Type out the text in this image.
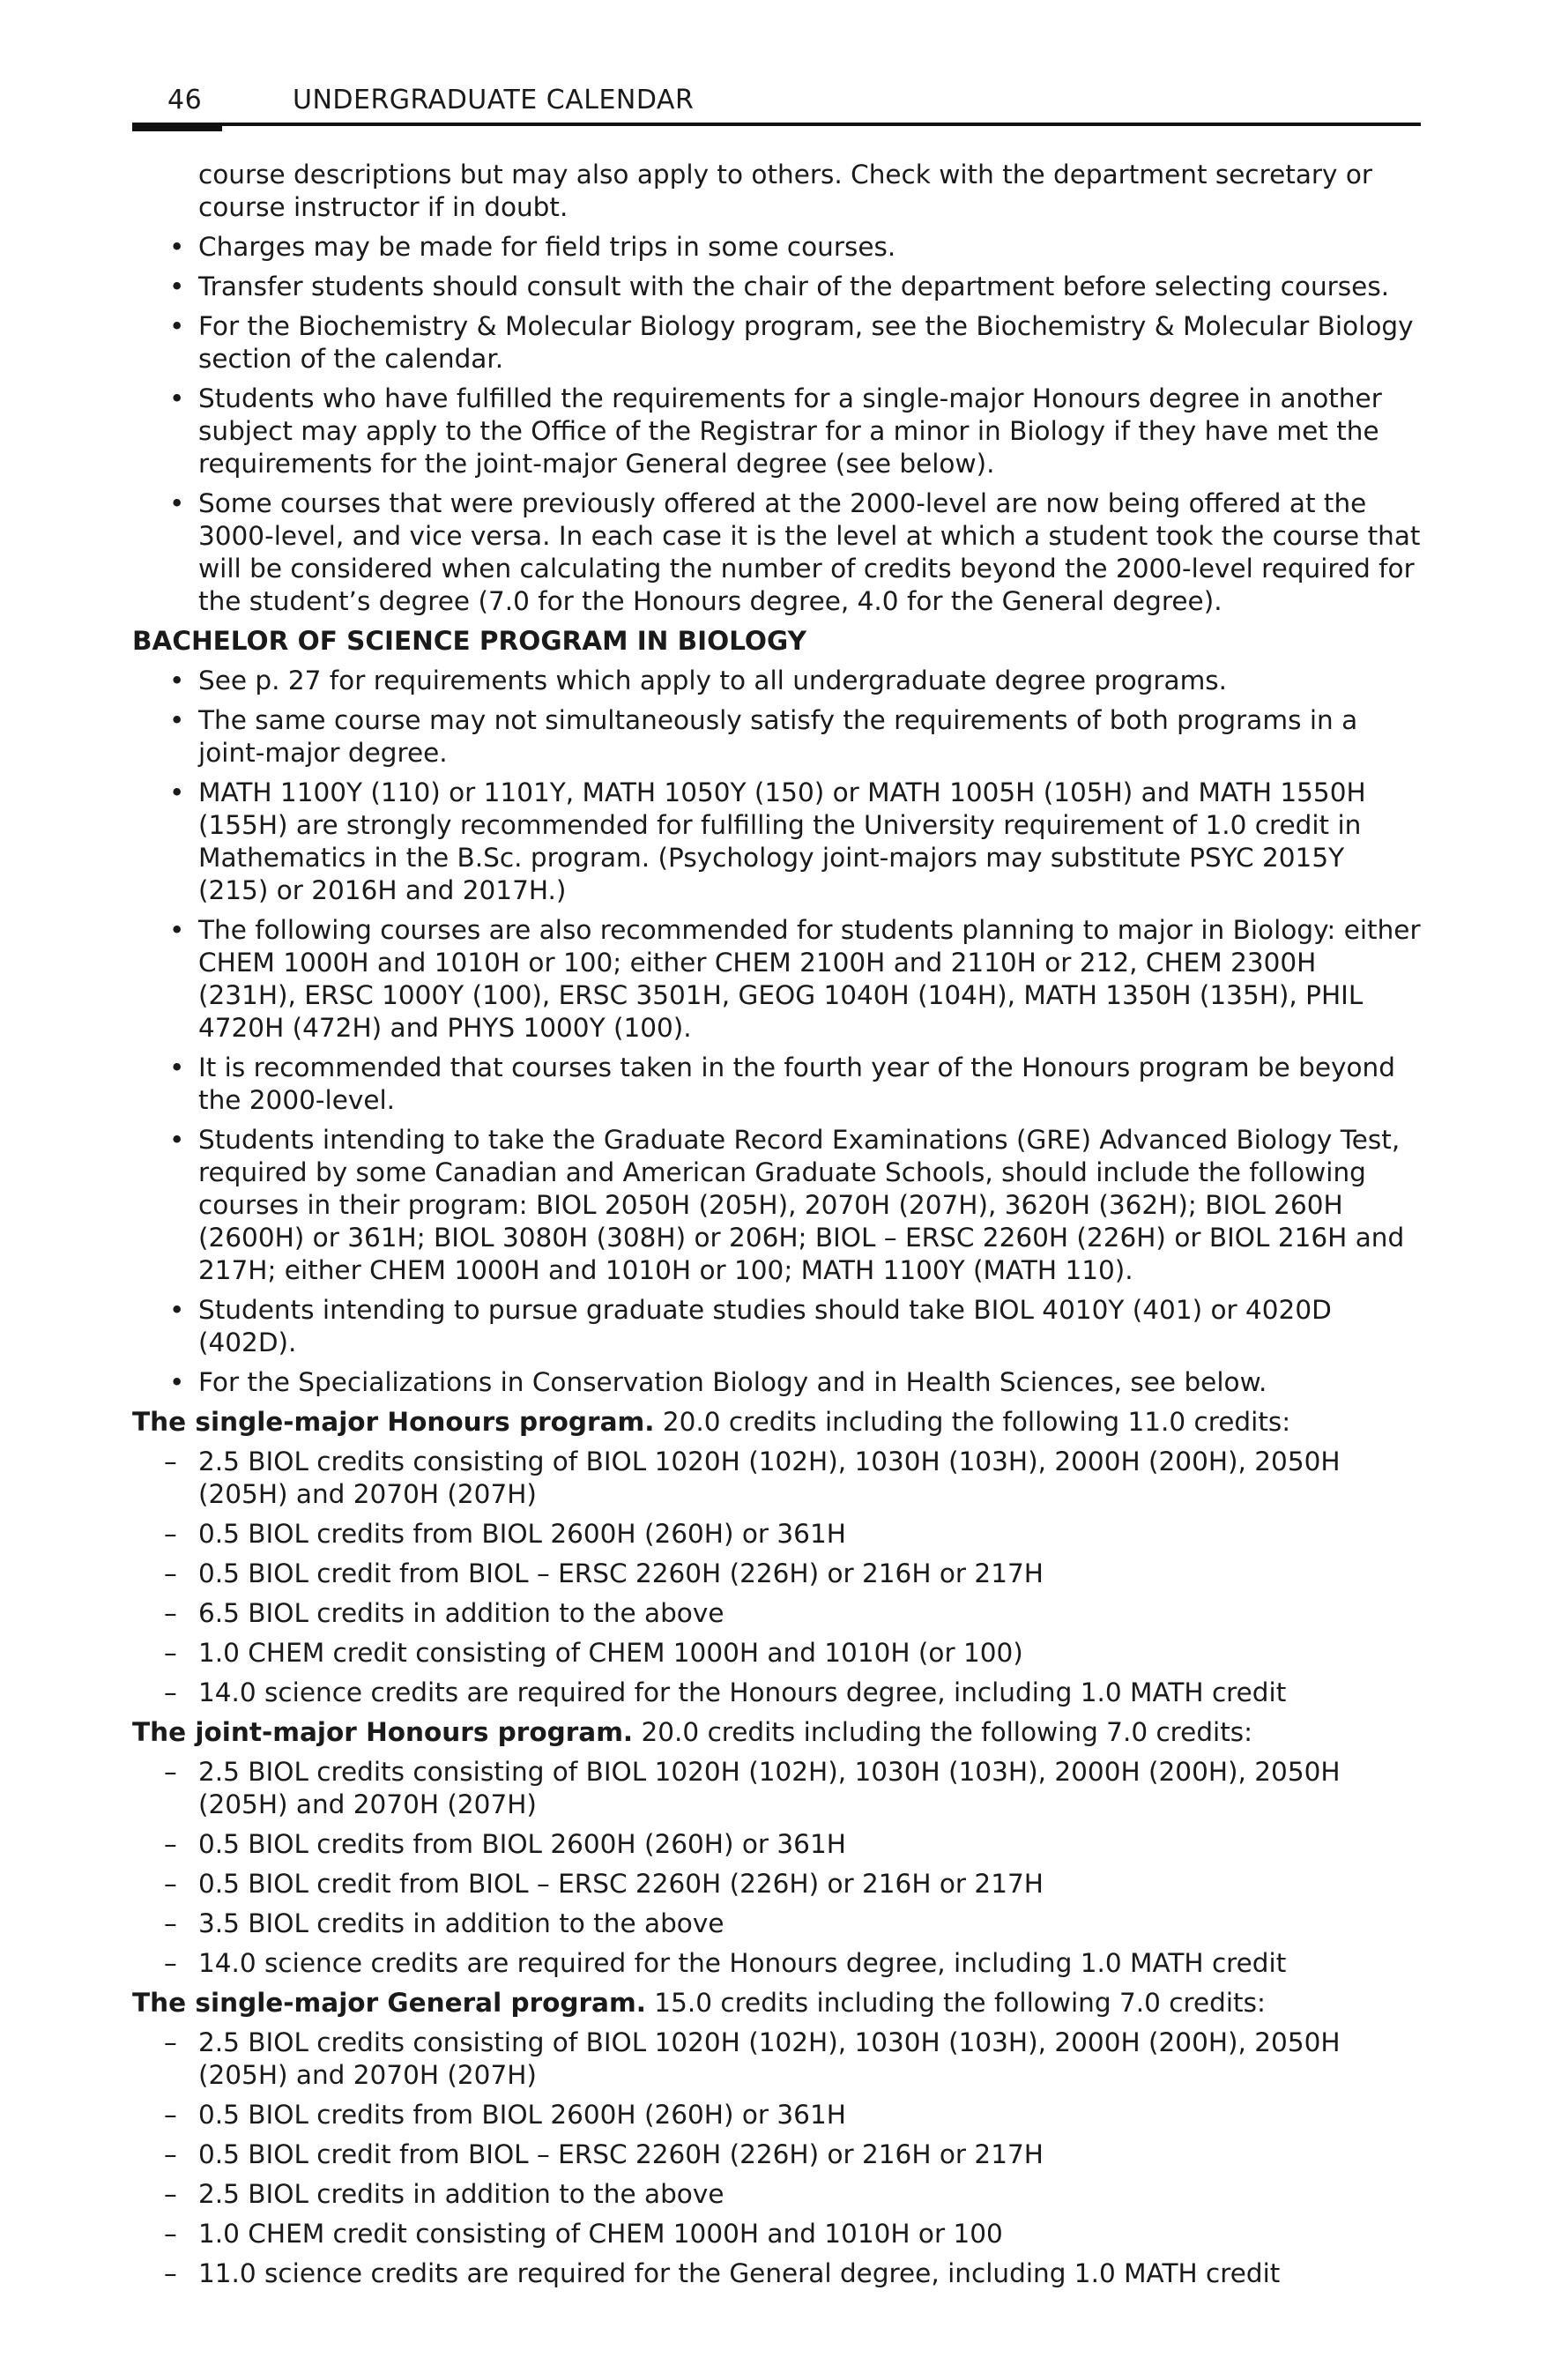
46	UNDERGRADUATE CALENDAR

course descriptions but may also apply to others. Check with the department secretary or course instructor if in doubt.

• Charges may be made for field trips in some courses.
• Transfer students should consult with the chair of the department before selecting courses.
• For the Biochemistry & Molecular Biology program, see the Biochemistry & Molecular Biology section of the calendar.
• Students who have fulfilled the requirements for a single-major Honours degree in another subject may apply to the Office of the Registrar for a minor in Biology if they have met the requirements for the joint-major General degree (see below).
• Some courses that were previously offered at the 2000-level are now being offered at the 3000-level, and vice versa. In each case it is the level at which a student took the course that will be considered when calculating the number of credits beyond the 2000-level required for the student’s degree (7.0 for the Honours degree, 4.0 for the General degree).
BACHELOR OF SCIENCE PROGRAM IN BIOLOGY
• See p. 27 for requirements which apply to all undergraduate degree programs.
• The same course may not simultaneously satisfy the requirements of both programs in a joint-major degree.
• MATH 1100Y (110) or 1101Y, MATH 1050Y (150) or MATH 1005H (105H) and MATH 1550H (155H) are strongly recommended for fulfilling the University requirement of 1.0 credit in Mathematics in the B.Sc. program. (Psychology joint-majors may substitute PSYC 2015Y (215) or 2016H and 2017H.)
• The following courses are also recommended for students planning to major in Biology: either CHEM 1000H and 1010H or 100; either CHEM 2100H and 2110H or 212, CHEM 2300H (231H), ERSC 1000Y (100), ERSC 3501H, GEOG 1040H (104H), MATH 1350H (135H), PHIL 4720H (472H) and PHYS 1000Y (100).
• It is recommended that courses taken in the fourth year of the Honours program be beyond the 2000-level.
• Students intending to take the Graduate Record Examinations (GRE) Advanced Biology Test, required by some Canadian and American Graduate Schools, should include the following courses in their program: BIOL 2050H (205H), 2070H (207H), 3620H (362H); BIOL 260H (2600H) or 361H; BIOL 3080H (308H) or 206H; BIOL – ERSC 2260H (226H) or BIOL 216H and 217H; either CHEM 1000H and 1010H or 100; MATH 1100Y (MATH 110).
• Students intending to pursue graduate studies should take BIOL 4010Y (401) or 4020D (402D).
• For the Specializations in Conservation Biology and in Health Sciences, see below.
The single-major Honours program. 20.0 credits including the following 11.0 credits:
– 2.5 BIOL credits consisting of BIOL 1020H (102H), 1030H (103H), 2000H (200H), 2050H (205H) and 2070H (207H)
– 0.5 BIOL credits from BIOL 2600H (260H) or 361H
– 0.5 BIOL credit from BIOL – ERSC 2260H (226H) or 216H or 217H
– 6.5 BIOL credits in addition to the above
– 1.0 CHEM credit consisting of CHEM 1000H and 1010H (or 100)
– 14.0 science credits are required for the Honours degree, including 1.0 MATH credit
The joint-major Honours program. 20.0 credits including the following 7.0 credits:
– 2.5 BIOL credits consisting of BIOL 1020H (102H), 1030H (103H), 2000H (200H), 2050H (205H) and 2070H (207H)
– 0.5 BIOL credits from BIOL 2600H (260H) or 361H
– 0.5 BIOL credit from BIOL – ERSC 2260H (226H) or 216H or 217H
– 3.5 BIOL credits in addition to the above
– 14.0 science credits are required for the Honours degree, including 1.0 MATH credit
The single-major General program. 15.0 credits including the following 7.0 credits:
– 2.5 BIOL credits consisting of BIOL 1020H (102H), 1030H (103H), 2000H (200H), 2050H (205H) and 2070H (207H)
– 0.5 BIOL credits from BIOL 2600H (260H) or 361H
– 0.5 BIOL credit from BIOL – ERSC 2260H (226H) or 216H or 217H
– 2.5 BIOL credits in addition to the above
– 1.0 CHEM credit consisting of CHEM 1000H and 1010H or 100
– 11.0 science credits are required for the General degree, including 1.0 MATH credit
